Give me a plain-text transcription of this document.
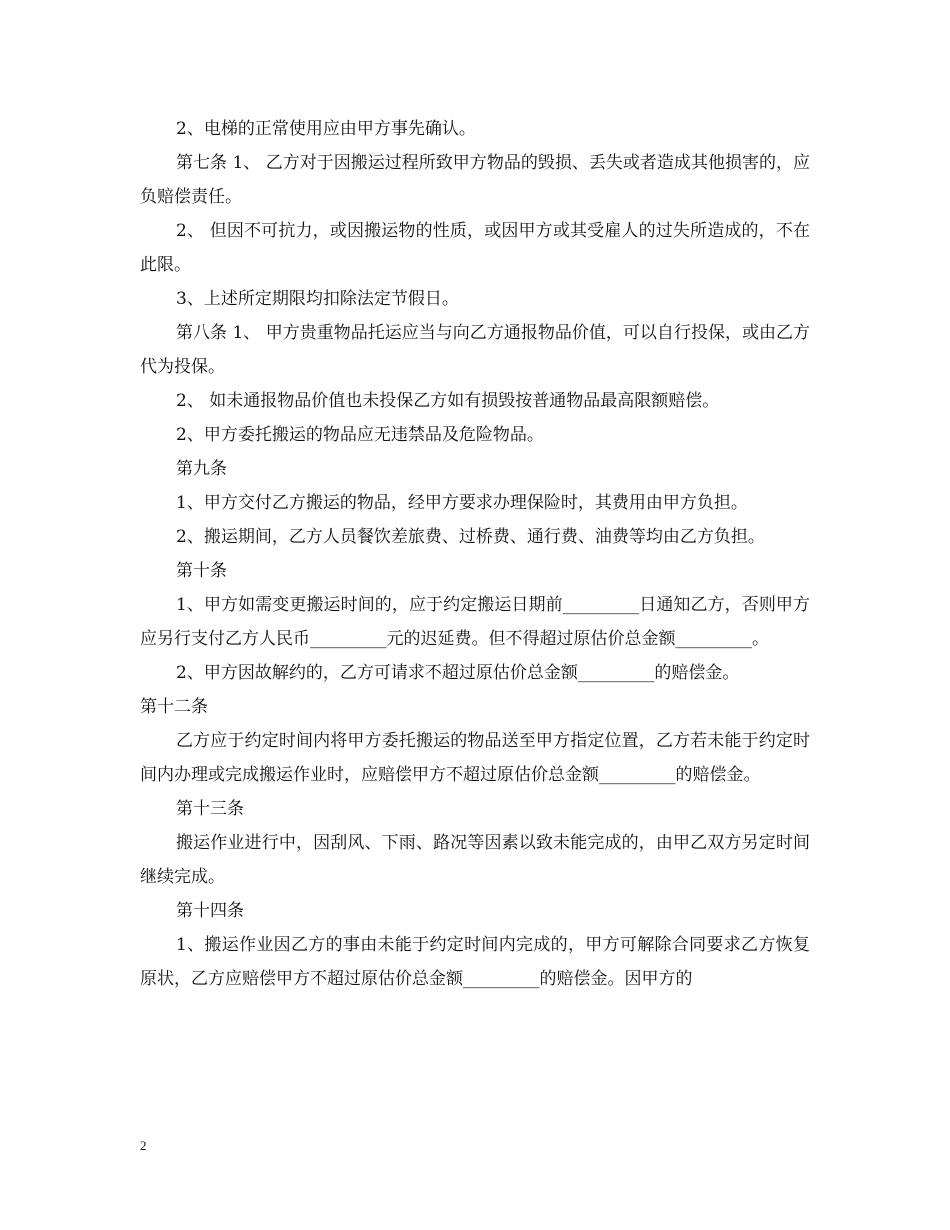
2、电梯的正常使用应由甲方事先确认。

第七条 1、 乙方对于因搬运过程所致甲方物品的毁损、丢失或者造成其他损害的，应负赔偿责任。

2、 但因不可抗力，或因搬运物的性质，或因甲方或其受雇人的过失所造成的，不在此限。

3、上述所定期限均扣除法定节假日。

第八条 1、 甲方贵重物品托运应当与向乙方通报物品价值，可以自行投保，或由乙方代为投保。

2、 如未通报物品价值也未投保乙方如有损毁按普通物品最高限额赔偿。

2、甲方委托搬运的物品应无违禁品及危险物品。

第九条

1、甲方交付乙方搬运的物品，经甲方要求办理保险时，其费用由甲方负担。

2、搬运期间，乙方人员餐饮差旅费、过桥费、通行费、油费等均由乙方负担。

第十条

1、甲方如需变更搬运时间的，应于约定搬运日期前_________日通知乙方，否则甲方应另行支付乙方人民币_________元的迟延费。但不得超过原估价总金额_________。

2、甲方因故解约的，乙方可请求不超过原估价总金额_________的赔偿金。

第十二条

乙方应于约定时间内将甲方委托搬运的物品送至甲方指定位置，乙方若未能于约定时间内办理或完成搬运作业时，应赔偿甲方不超过原估价总金额_________的赔偿金。

第十三条

搬运作业进行中，因刮风、下雨、路况等因素以致未能完成的，由甲乙双方另定时间继续完成。

第十四条

1、搬运作业因乙方的事由未能于约定时间内完成的，甲方可解除合同要求乙方恢复原状，乙方应赔偿甲方不超过原估价总金额_________的赔偿金。因甲方的

2
